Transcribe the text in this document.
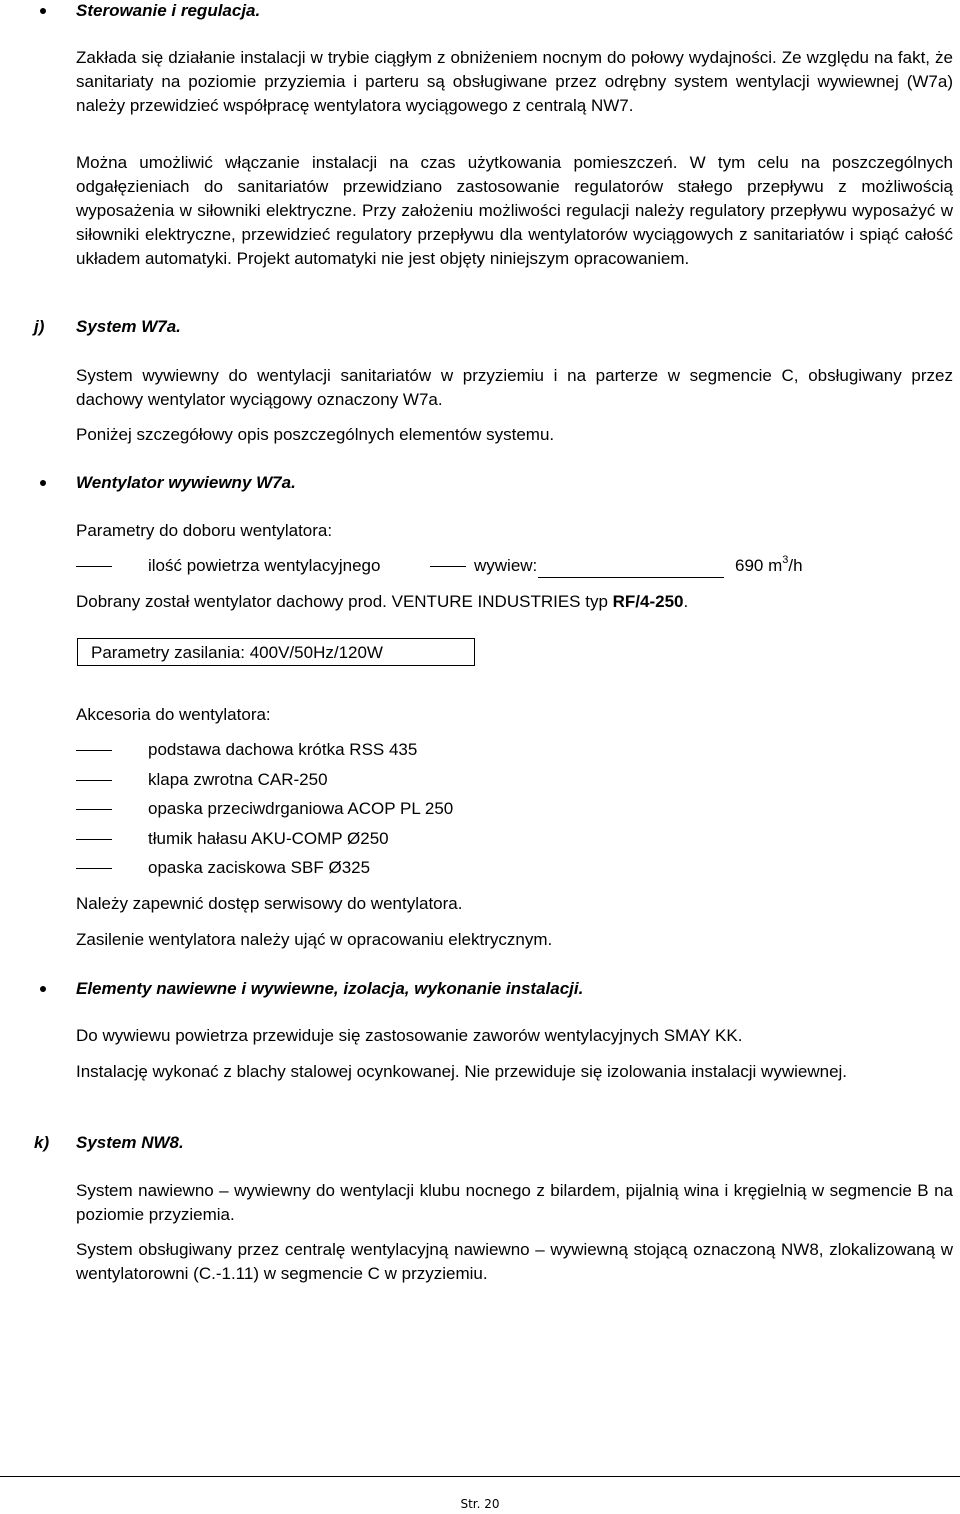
Sterowanie i regulacja.
Zakłada się działanie instalacji w trybie ciągłym z obniżeniem nocnym do połowy wydajności. Ze względu na fakt, że sanitariaty na poziomie przyziemia i parteru są obsługiwane przez odrębny system wentylacji wywiewnej (W7a) należy przewidzieć współpracę wentylatora wyciągowego z centralą NW7.
Można umożliwić włączanie instalacji na czas użytkowania pomieszczeń. W tym celu na poszczególnych odgałęzieniach do sanitariatów przewidziano zastosowanie regulatorów stałego przepływu z możliwością wyposażenia w siłowniki elektryczne. Przy założeniu możliwości regulacji należy regulatory przepływu wyposażyć w siłowniki elektryczne, przewidzieć regulatory przepływu dla wentylatorów wyciągowych z sanitariatów i spiąć całość układem automatyki. Projekt automatyki nie jest objęty niniejszym opracowaniem.
j) System W7a.
System wywiewny do wentylacji sanitariatów w przyziemiu i na parterze w segmencie C, obsługiwany przez dachowy wentylator wyciągowy oznaczony W7a.
Poniżej szczegółowy opis poszczególnych elementów systemu.
Wentylator wywiewny W7a.
Parametry do doboru wentylatora:
ilość powietrza wentylacyjnego	wywiew:	690 $m^3/h$
Dobrany został wentylator dachowy prod. VENTURE INDUSTRIES typ RF/4-250.
Parametry zasilania: 400V/50Hz/120W
Akcesoria do wentylatora:
podstawa dachowa krótka RSS 435
klapa zwrotna CAR-250
opaska przeciwdrganiowa ACOP PL 250
tłumik hałasu AKU-COMP Ø250
opaska zaciskowa SBF Ø325
Należy zapewnić dostęp serwisowy do wentylatora.
Zasilenie wentylatora należy ująć w opracowaniu elektrycznym.
Elementy nawiewne i wywiewne, izolacja, wykonanie instalacji.
Do wywiewu powietrza przewiduje się zastosowanie zaworów wentylacyjnych SMAY KK.
Instalację wykonać z blachy stalowej ocynkowanej. Nie przewiduje się izolowania instalacji wywiewnej.
k) System NW8.
System nawiewno – wywiewny do wentylacji klubu nocnego z bilardem, pijalnią wina i kręgielnią w segmencie B na poziomie przyziemia.
System obsługiwany przez centralę wentylacyjną nawiewno – wywiewną stojącą oznaczoną NW8, zlokalizowaną w wentylatorowni (C.-1.11) w segmencie C w przyziemiu.
Str. 20
